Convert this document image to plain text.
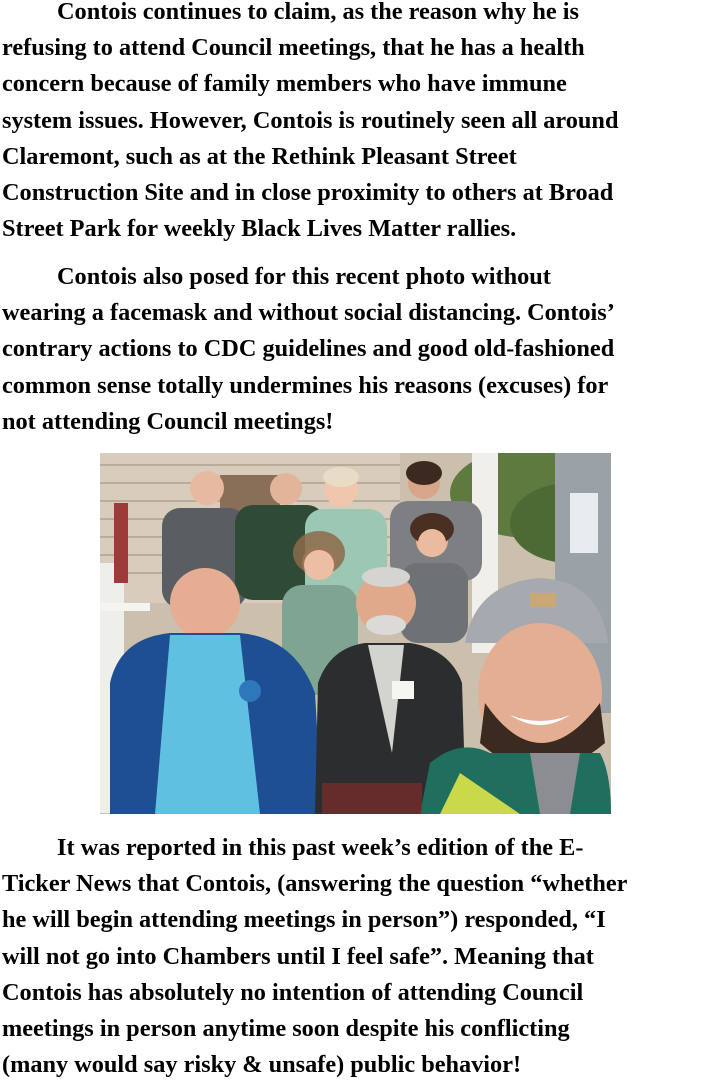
Contois continues to claim, as the reason why he is
refusing to attend Council meetings, that he has a health
concern because of family members who have immune
system issues. However, Contois is routinely seen all around
Claremont, such as at the Rethink Pleasant Street
Construction Site and in close proximity to others at Broad
Street Park for weekly Black Lives Matter rallies.
Contois also posed for this recent photo without
wearing a facemask and without social distancing. Contois’
contrary actions to CDC guidelines and good old-fashioned
common sense totally undermines his reasons (excuses) for
not attending Council meetings!
It was reported in this past week’s edition of the E-
Ticker News that Contois, (answering the question “whether
he will begin attending meetings in person”) responded, “I
will not go into Chambers until I feel safe”. Meaning that
Contois has absolutely no intention of attending Council
meetings in person anytime soon despite his conflicting
(many would say risky & unsafe) public behavior!
